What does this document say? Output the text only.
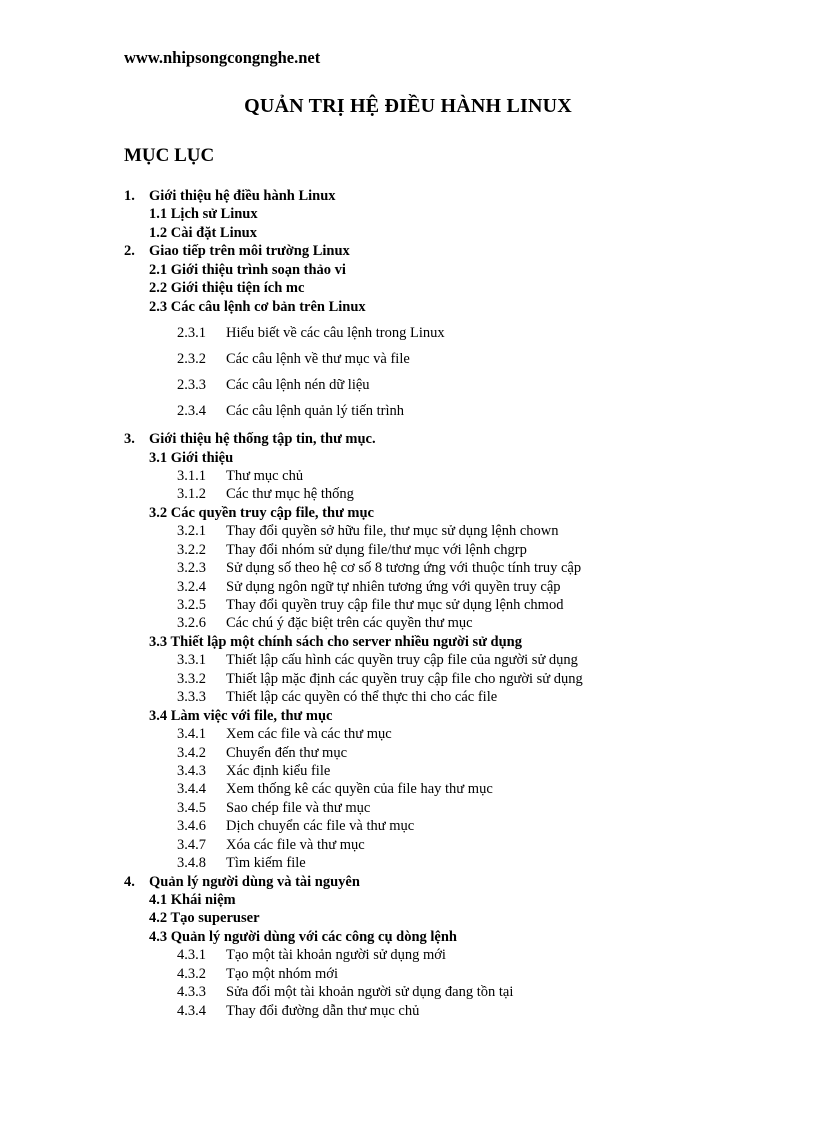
www.nhipsongcongnghe.net
QUẢN TRỊ HỆ ĐIỀU HÀNH LINUX
MỤC LỤC
1. Giới thiệu hệ điều hành Linux
1.1 Lịch sử Linux
1.2 Cài đặt Linux
2. Giao tiếp trên môi trường Linux
2.1 Giới thiệu trình soạn thảo vi
2.2 Giới thiệu tiện ích mc
2.3 Các câu lệnh cơ bản trên Linux
2.3.1 Hiểu biết về các câu lệnh trong Linux
2.3.2 Các câu lệnh về thư mục và file
2.3.3 Các câu lệnh nén dữ liệu
2.3.4 Các câu lệnh quản lý tiến trình
3. Giới thiệu hệ thống tập tin, thư mục.
3.1 Giới thiệu
3.1.1 Thư mục chủ
3.1.2 Các thư mục hệ thống
3.2 Các quyền truy cập file, thư mục
3.2.1 Thay đổi quyền sở hữu file, thư mục sử dụng lệnh chown
3.2.2 Thay đổi nhóm sử dụng file/thư mục với lệnh chgrp
3.2.3 Sử dụng số theo hệ cơ số 8 tương ứng với thuộc tính truy cập
3.2.4 Sử dụng ngôn ngữ tự nhiên tương ứng với quyền truy cập
3.2.5 Thay đổi quyền truy cập file thư mục sử dụng lệnh chmod
3.2.6 Các chú ý đặc biệt trên các quyền thư mục
3.3 Thiết lập một chính sách cho server nhiều người sử dụng
3.3.1 Thiết lập cấu hình các quyền truy cập file của người sử dụng
3.3.2 Thiết lập mặc định các quyền truy cập file cho người sử dụng
3.3.3 Thiết lập các quyền có thể thực thi cho các file
3.4 Làm việc với file, thư mục
3.4.1 Xem các file và các thư mục
3.4.2 Chuyển đến thư mục
3.4.3 Xác định kiểu file
3.4.4 Xem thống kê các quyền của file hay thư mục
3.4.5 Sao chép file và thư mục
3.4.6 Dịch chuyển các file và thư mục
3.4.7 Xóa các file và thư mục
3.4.8 Tìm kiếm file
4. Quản lý người dùng và tài nguyên
4.1 Khái niệm
4.2 Tạo superuser
4.3 Quản lý người dùng với các công cụ dòng lệnh
4.3.1 Tạo một tài khoản người sử dụng mới
4.3.2 Tạo một nhóm mới
4.3.3 Sửa đổi một tài khoản người sử dụng đang tồn tại
4.3.4 Thay đổi đường dẫn thư mục chủ
